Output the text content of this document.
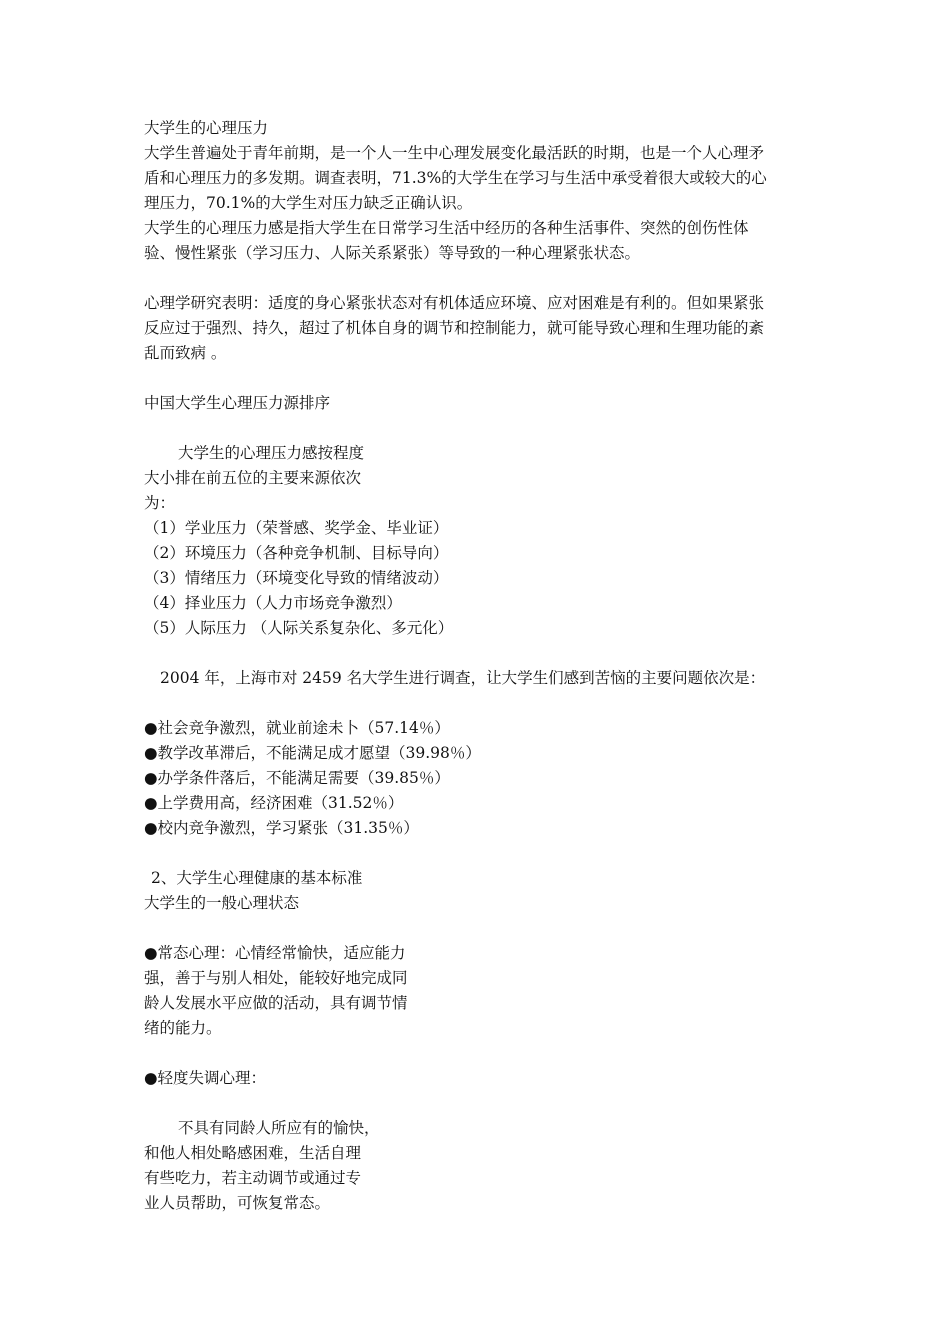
大学生的心理压力
大学生普遍处于青年前期，是一个人一生中心理发展变化最活跃的时期，也是一个人心理矛
盾和心理压力的多发期。调查表明，71.3%的大学生在学习与生活中承受着很大或较大的心
理压力，70.1%的大学生对压力缺乏正确认识。
大学生的心理压力感是指大学生在日常学习生活中经历的各种生活事件、突然的创伤性体
验、慢性紧张（学习压力、人际关系紧张）等导致的一种心理紧张状态。
心理学研究表明：适度的身心紧张状态对有机体适应环境、应对困难是有利的。但如果紧张
反应过于强烈、持久，超过了机体自身的调节和控制能力，就可能导致心理和生理功能的紊
乱而致病 。
中国大学生心理压力源排序
大学生的心理压力感按程度
大小排在前五位的主要来源依次
为：
（1）学业压力（荣誉感、奖学金、毕业证）
（2）环境压力（各种竞争机制、目标导向）
（3）情绪压力（环境变化导致的情绪波动）
（4）择业压力（人力市场竞争激烈）
（5）人际压力 （人际关系复杂化、多元化）
2004 年，上海市对 2459 名大学生进行调查，让大学生们感到苦恼的主要问题依次是：
●社会竞争激烈，就业前途未卜（57.14％）
●教学改革滞后，不能满足成才愿望（39.98％）
●办学条件落后，不能满足需要（39.85％）
●上学费用高，经济困难（31.52％）
●校内竞争激烈，学习紧张（31.35％）
2、大学生心理健康的基本标准
大学生的一般心理状态
●常态心理：心情经常愉快，适应能力
强，善于与别人相处，能较好地完成同
龄人发展水平应做的活动，具有调节情
绪的能力。
●轻度失调心理：
不具有同龄人所应有的愉快，
和他人相处略感困难，生活自理
有些吃力，若主动调节或通过专
业人员帮助，可恢复常态。
